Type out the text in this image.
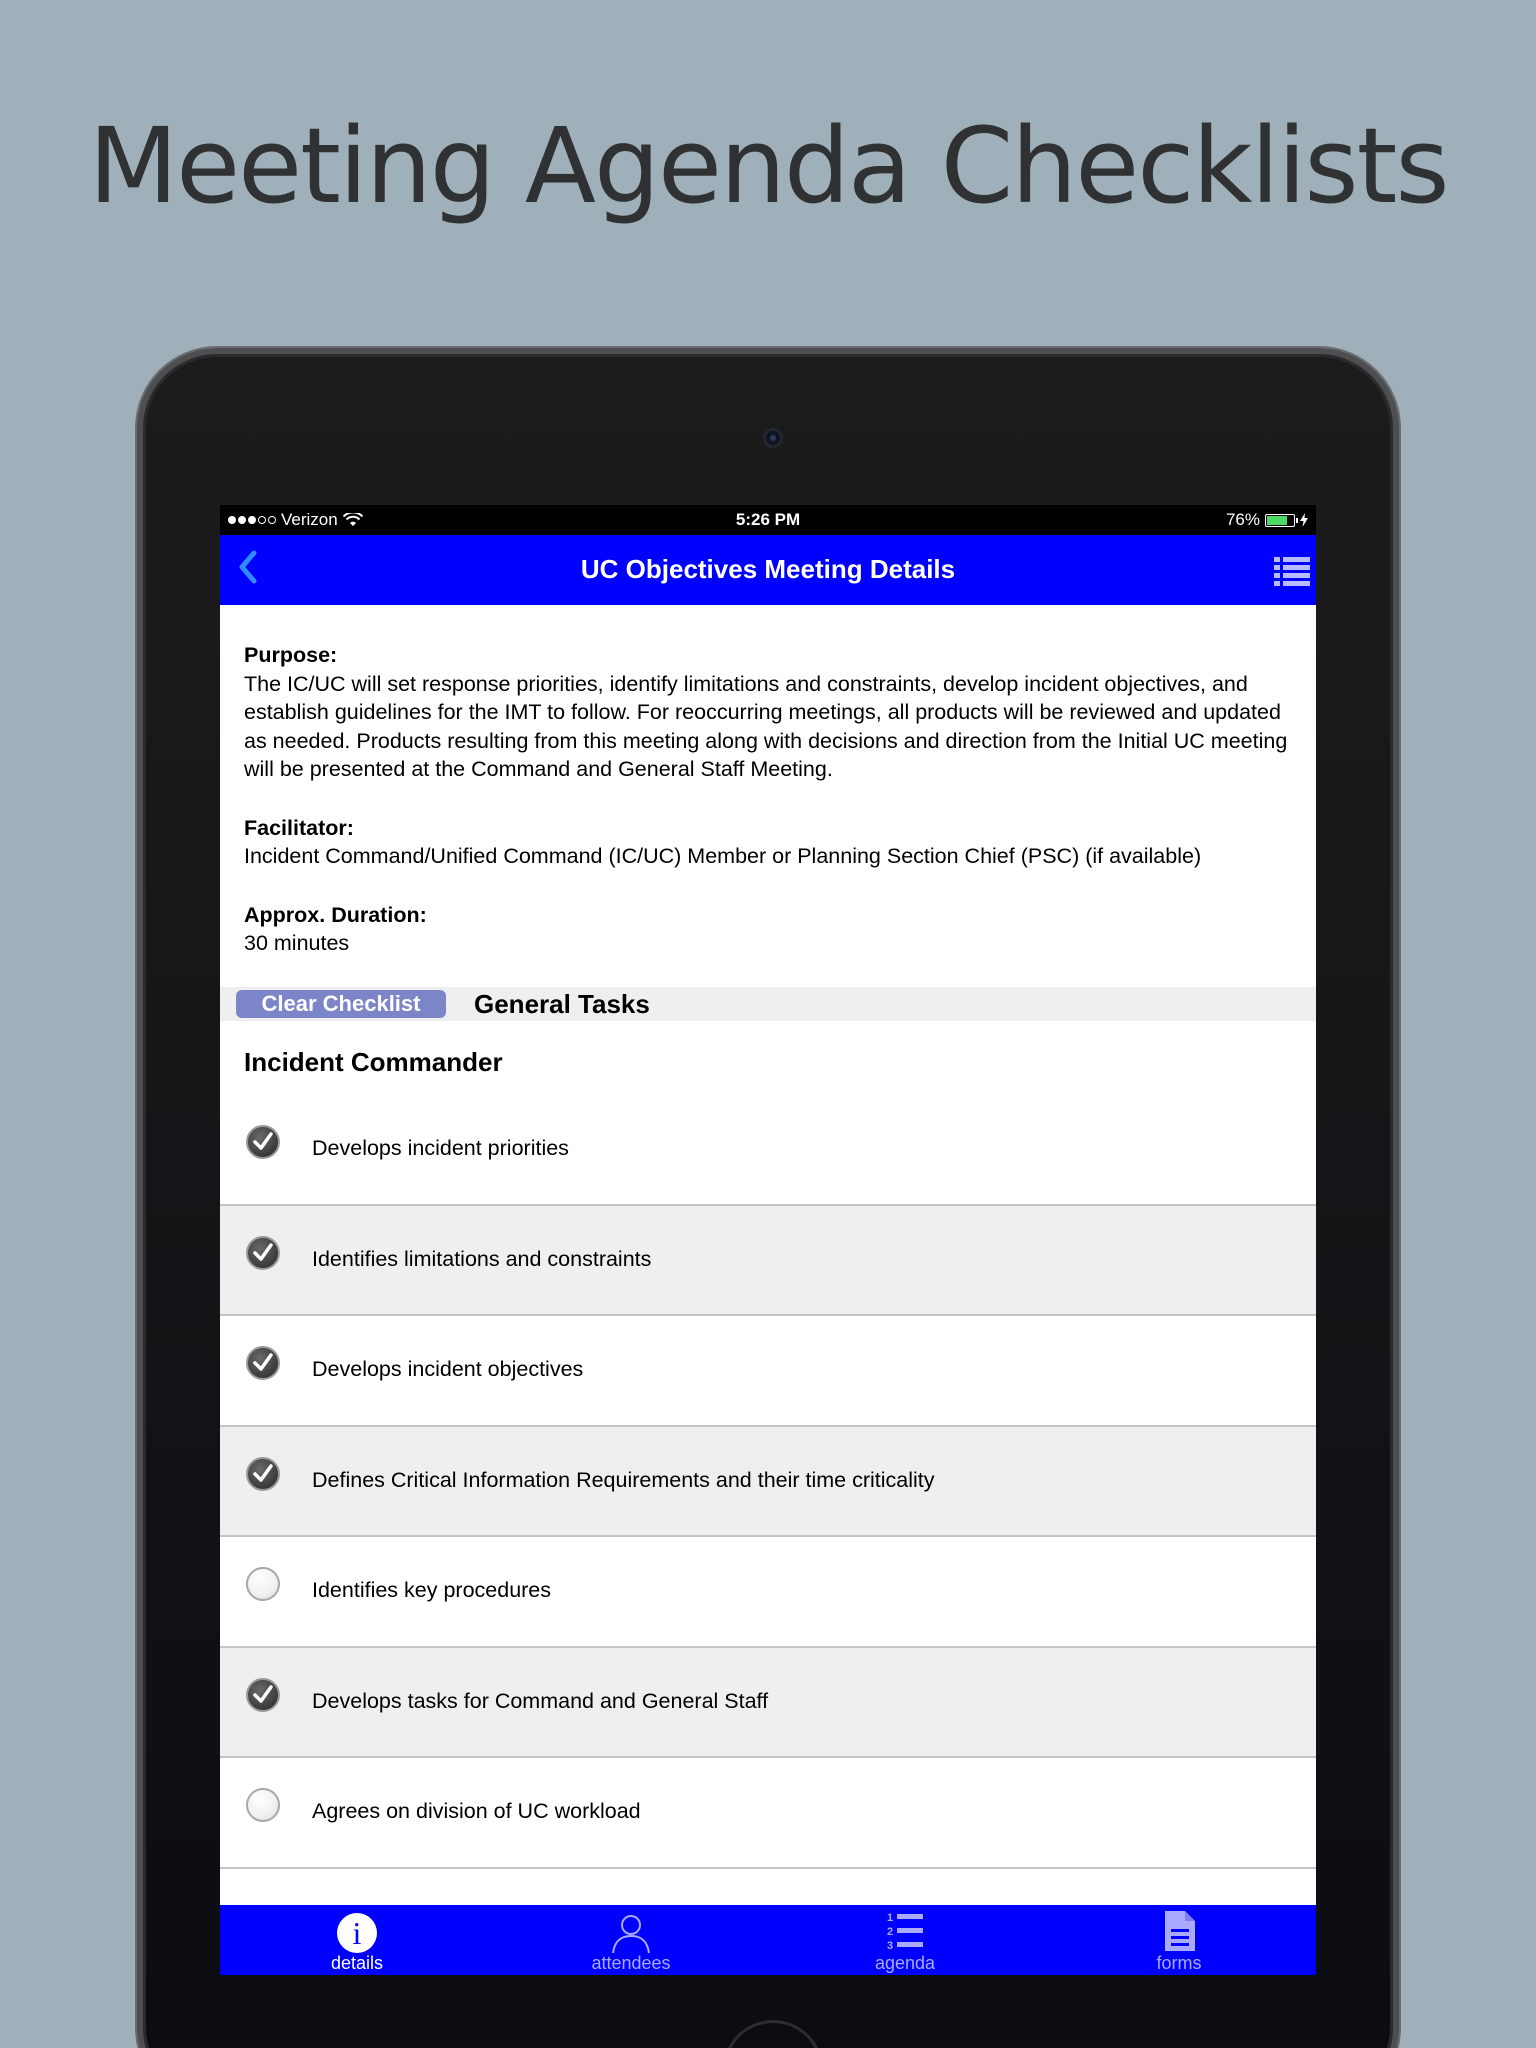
Meeting Agenda Checklists
Verizon	5:26 PM	76%
UC Objectives Meeting Details
Purpose:
The IC/UC will set response priorities, identify limitations and constraints, develop incident objectives, and establish guidelines for the IMT to follow. For reoccurring meetings, all products will be reviewed and updated as needed. Products resulting from this meeting along with decisions and direction from the Initial UC meeting will be presented at the Command and General Staff Meeting.
Facilitator:
Incident Command/Unified Command (IC/UC) Member or Planning Section Chief (PSC) (if available)
Approx. Duration:
30 minutes
Clear Checklist	General Tasks
Incident Commander
Develops incident priorities
Identifies limitations and constraints
Develops incident objectives
Defines Critical Information Requirements and their time criticality
Identifies key procedures
Develops tasks for Command and General Staff
Agrees on division of UC workload
i
details	attendees
1
2
3
agenda	forms
